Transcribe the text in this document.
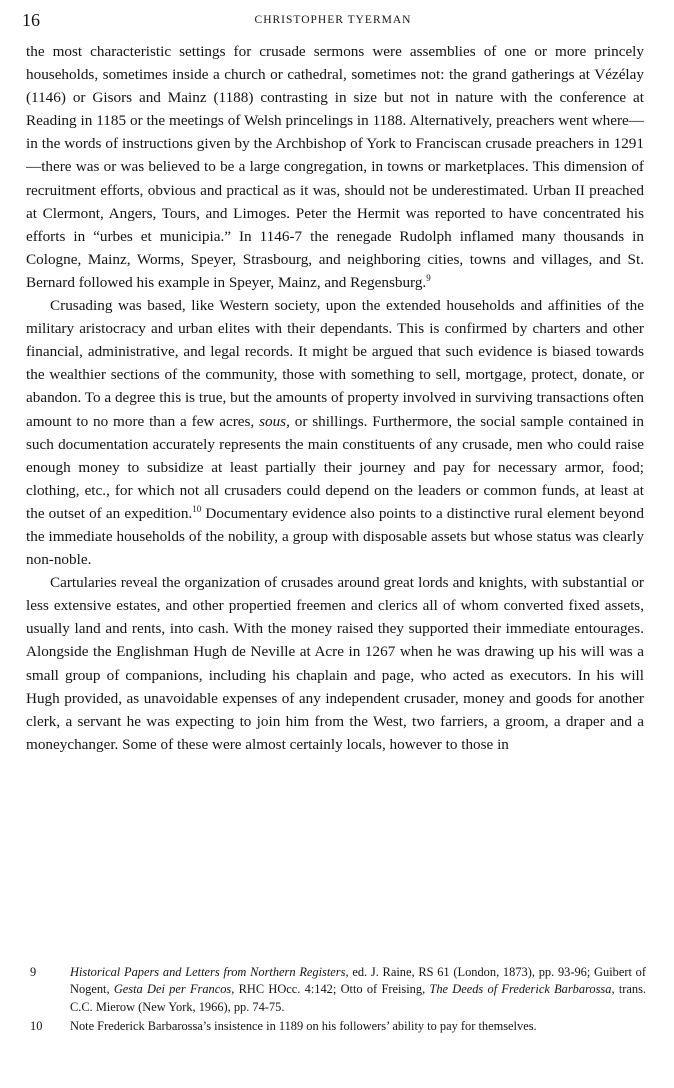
16	CHRISTOPHER TYERMAN

the most characteristic settings for crusade sermons were assemblies of one or more princely households, sometimes inside a church or cathedral, sometimes not: the grand gatherings at Vézélay (1146) or Gisors and Mainz (1188) contrasting in size but not in nature with the conference at Reading in 1185 or the meetings of Welsh princelings in 1188. Alternatively, preachers went where—in the words of instructions given by the Archbishop of York to Franciscan crusade preachers in 1291—there was or was believed to be a large congregation, in towns or marketplaces. This dimension of recruitment efforts, obvious and practical as it was, should not be underestimated. Urban II preached at Clermont, Angers, Tours, and Limoges. Peter the Hermit was reported to have concentrated his efforts in “urbes et municipia.” In 1146-7 the renegade Rudolph inflamed many thousands in Cologne, Mainz, Worms, Speyer, Strasbourg, and neighboring cities, towns and villages, and St. Bernard followed his example in Speyer, Mainz, and Regensburg.$^9$

Crusading was based, like Western society, upon the extended households and affinities of the military aristocracy and urban elites with their dependants. This is confirmed by charters and other financial, administrative, and legal records. It might be argued that such evidence is biased towards the wealthier sections of the community, those with something to sell, mortgage, protect, donate, or abandon. To a degree this is true, but the amounts of property involved in surviving transactions often amount to no more than a few acres, sous, or shillings. Furthermore, the social sample contained in such documentation accurately represents the main constituents of any crusade, men who could raise enough money to subsidize at least partially their journey and pay for necessary armor, food; clothing, etc., for which not all crusaders could depend on the leaders or common funds, at least at the outset of an expedition.$^{10}$ Documentary evidence also points to a distinctive rural element beyond the immediate households of the nobility, a group with disposable assets but whose status was clearly non-noble.

Cartularies reveal the organization of crusades around great lords and knights, with substantial or less extensive estates, and other propertied freemen and clerics all of whom converted fixed assets, usually land and rents, into cash. With the money raised they supported their immediate entourages. Alongside the Englishman Hugh de Neville at Acre in 1267 when he was drawing up his will was a small group of companions, including his chaplain and page, who acted as executors. In his will Hugh provided, as unavoidable expenses of any independent crusader, money and goods for another clerk, a servant he was expecting to join him from the West, two farriers, a groom, a draper and a moneychanger. Some of these were almost certainly locals, however to those in

9	Historical Papers and Letters from Northern Registers, ed. J. Raine, RS 61 (London, 1873), pp. 93-96; Guibert of Nogent, Gesta Dei per Francos, RHC HOcc. 4:142; Otto of Freising, The Deeds of Frederick Barbarossa, trans. C.C. Mierow (New York, 1966), pp. 74-75.
10	Note Frederick Barbarossa’s insistence in 1189 on his followers’ ability to pay for themselves.
